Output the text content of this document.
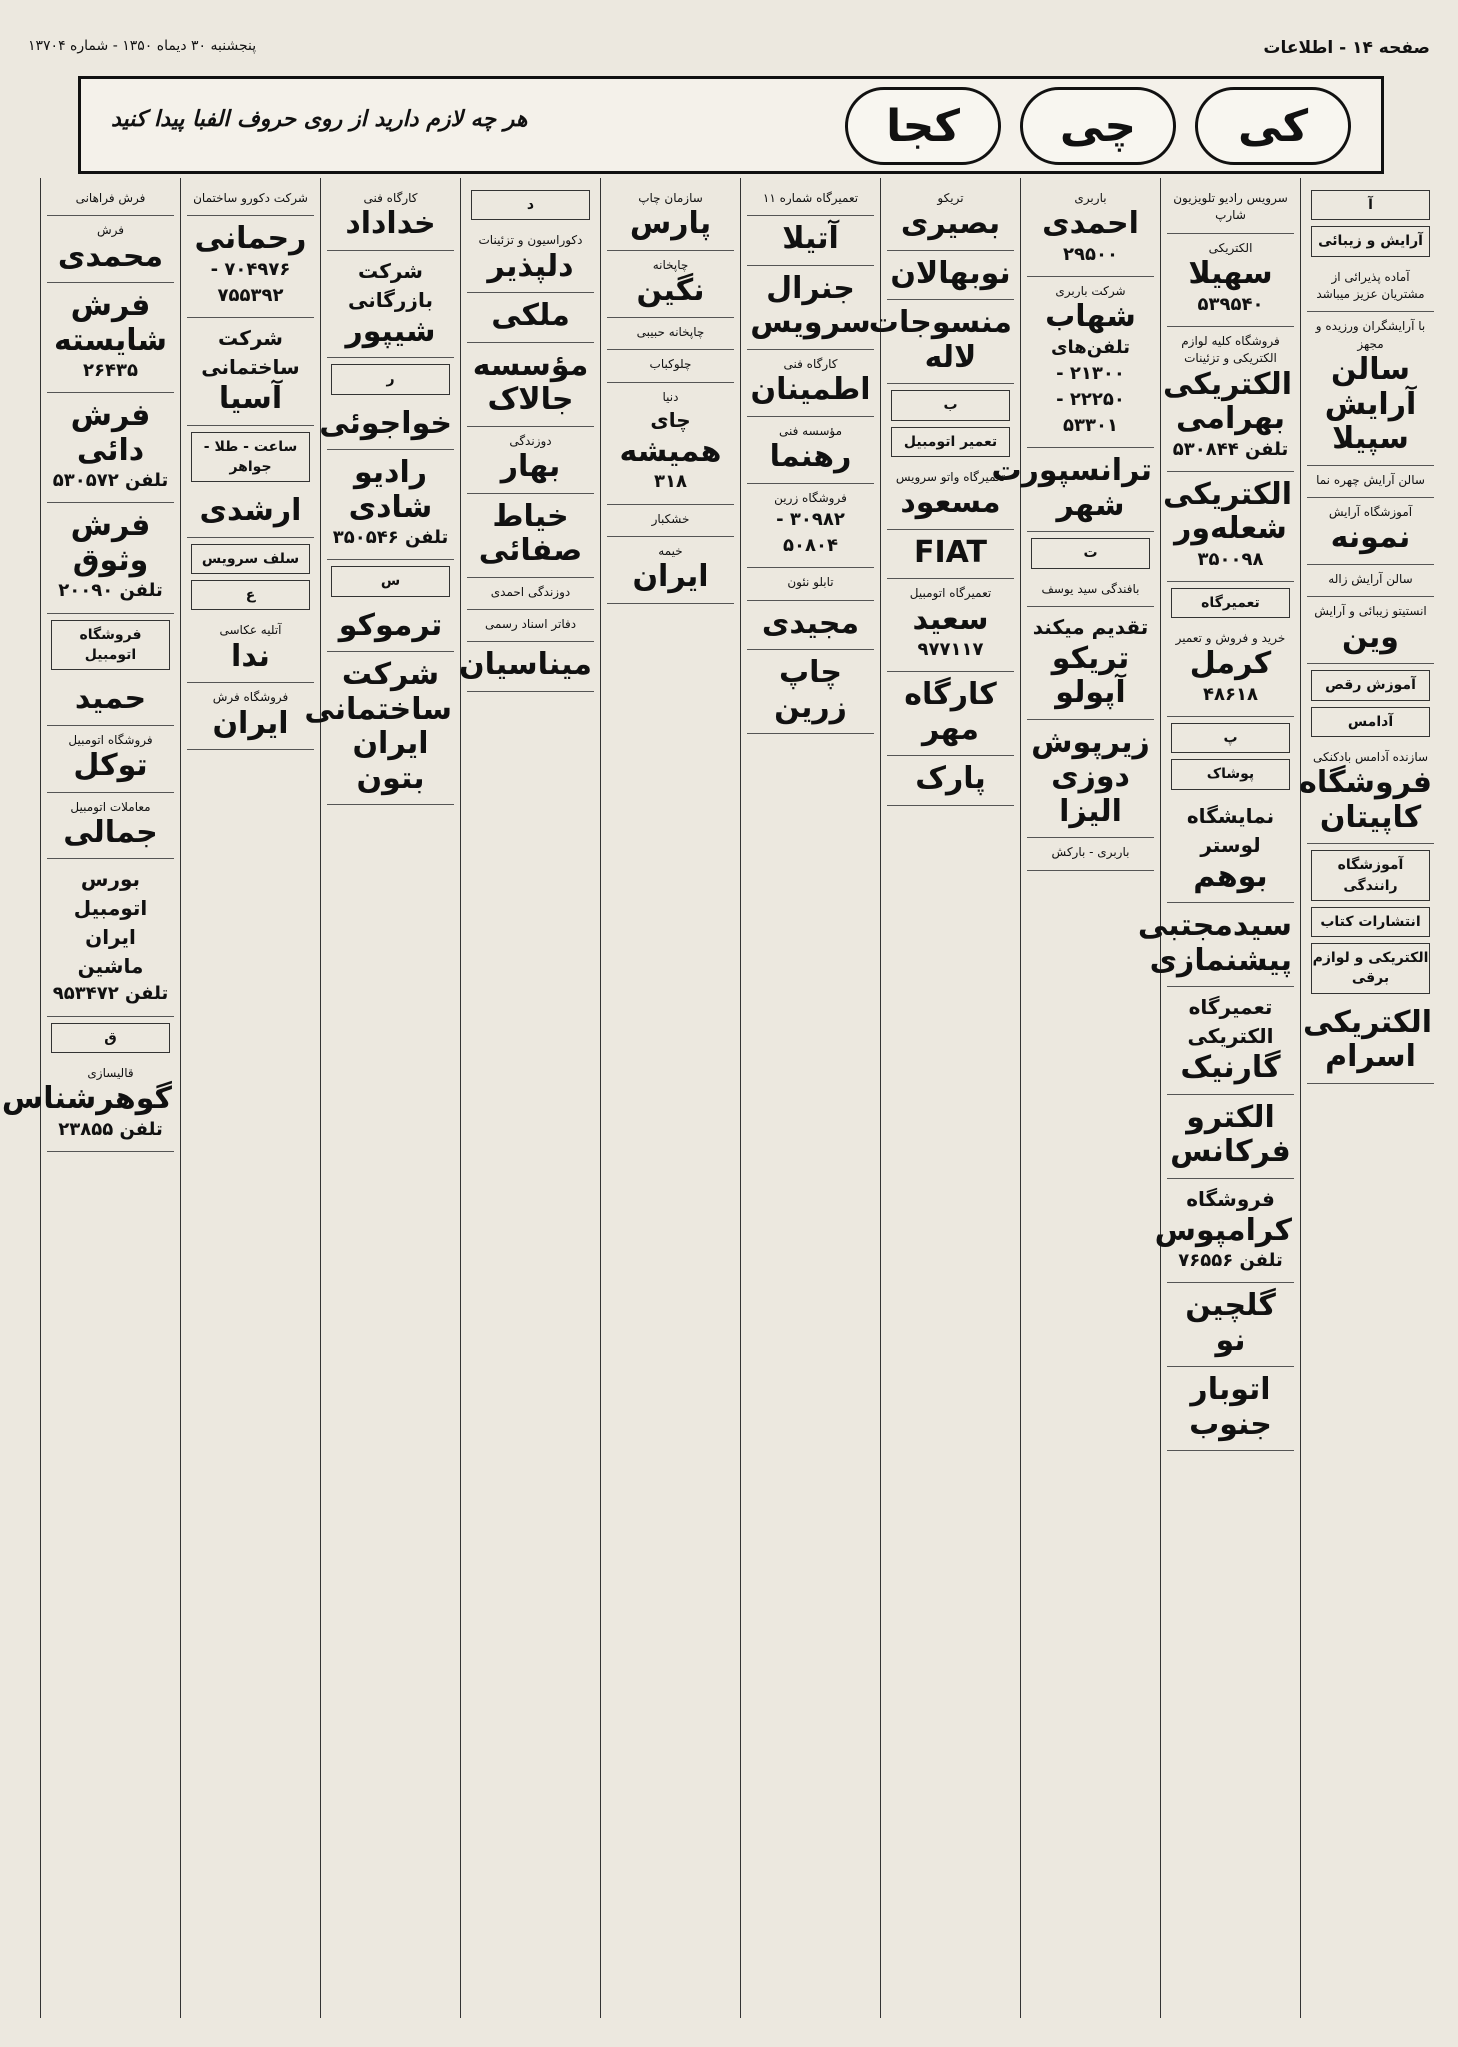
صفحه ۱۴ - اطلاعات
پنجشنبه ۳۰ دیماه ۱۳۵۰ - شماره ۱۳۷۰۴
کی
چی
کجا
هر چه لازم دارید از روی حروف الفبا پیدا کنید
آ
آرایش و زیبائی
آماده پذیرائی از مشتریان عزیز میباشد
با آرایشگران ورزیده و مجهز
سالن آرایش سپیلا
سالن آرایش چهره نما
آموزشگاه آرایش
نمونه
سالن آرایش زاله
انستیتو زیبائی و آرایش
وین
آموزش رقص
آدامس
سازنده آدامس بادکنکی
فروشگاه کاپیتان
آموزشگاه رانندگی
انتشارات کتاب
الکتریکی و لوازم برقی
الکتریکی اسرام
سرویس رادیو تلویزیون
شارپ
الکتریکی
سهیلا
۵۳۹۵۴۰
فروشگاه کلیه لوازم الکتریکی و تزئینات
الکتریکی بهرامی
تلفن ۵۳۰۸۴۴
الکتریکی شعله‌ور
۳۵۰۰۹۸
تعمیرگاه
خرید و فروش و تعمیر
کرمل
۴۸۶۱۸
پ
پوشاک
نمایشگاه لوستر
بوهم
سیدمجتبی پیشنمازی
تعمیرگاه الکتریکی
گارنیک
الکترو فرکانس
فروشگاه
کرامپوس
تلفن ۷۶۵۵۶
گلچین نو
اتوبار جنوب
باربری
احمدی
۲۹۵۰۰
شرکت باربری
شهاب
تلفن‌های ۲۱۳۰۰ - ۲۲۲۵۰ - ۵۳۳۰۱
ترانسپورت شهر
ت
بافندگی سید یوسف
تقدیم میکند
تریکو آپولو
زیرپوش دوزی الیزا
باربری - بارکش
تریکو
بصیری
نوبهالان
منسوجات لاله
ب
تعمیر اتومبیل
تعمیرگاه واتو سرویس
مسعود
FIAT
تعمیرگاه اتومبیل
سعید
۹۷۷۱۱۷
کارگاه مهر
پارک
تعمیرگاه شماره ۱۱
آتیلا
جنرال سرویس
کارگاه فنی
اطمینان
مؤسسه فنی
رهنما
فروشگاه زرین
۳۰۹۸۲ - ۵۰۸۰۴
تابلو نئون
مجیدی
چاپ زرین
سازمان چاپ
پارس
چاپخانه
نگین
چاپخانه حبیبی
چلوکباب
دنیا
چای
همیشه
۳۱۸
خشکبار
خیمه
ایران
د
دکوراسیون و تزئینات
دلپذیر
ملکی
مؤسسه جالاک
دوزندگی
بهار
خیاط صفائی
دوزندگی احمدی
دفاتر اسناد رسمی
میناسیان
کارگاه فنی
خداداد
شرکت بازرگانی
شیپور
ر
خواجوئی
رادیو شادی
تلفن ۳۵۰۵۴۶
س
ترموکو
شرکت ساختمانی ایران بتون
شرکت دکورو ساختمان
رحمانی
۷۰۴۹۷۶ - ۷۵۵۳۹۲
شرکت ساختمانی
آسیا
ساعت - طلا - جواهر
ارشدی
سلف سرویس
ع
آتلیه عکاسی
ندا
فروشگاه فرش
ایران
فرش فراهانی
فرش
محمدی
فرش شایسته
۲۶۴۳۵
فرش دائی
تلفن ۵۳۰۵۷۲
فرش وثوق
تلفن ۲۰۰۹۰
فروشگاه اتومبیل
حمید
فروشگاه اتومبیل
توکل
معاملات اتومبیل
جمالی
بورس اتومبیل ایران ماشین
تلفن ۹۵۳۴۷۲
ق
قالیسازی
گوهرشناس
تلفن ۲۳۸۵۵
